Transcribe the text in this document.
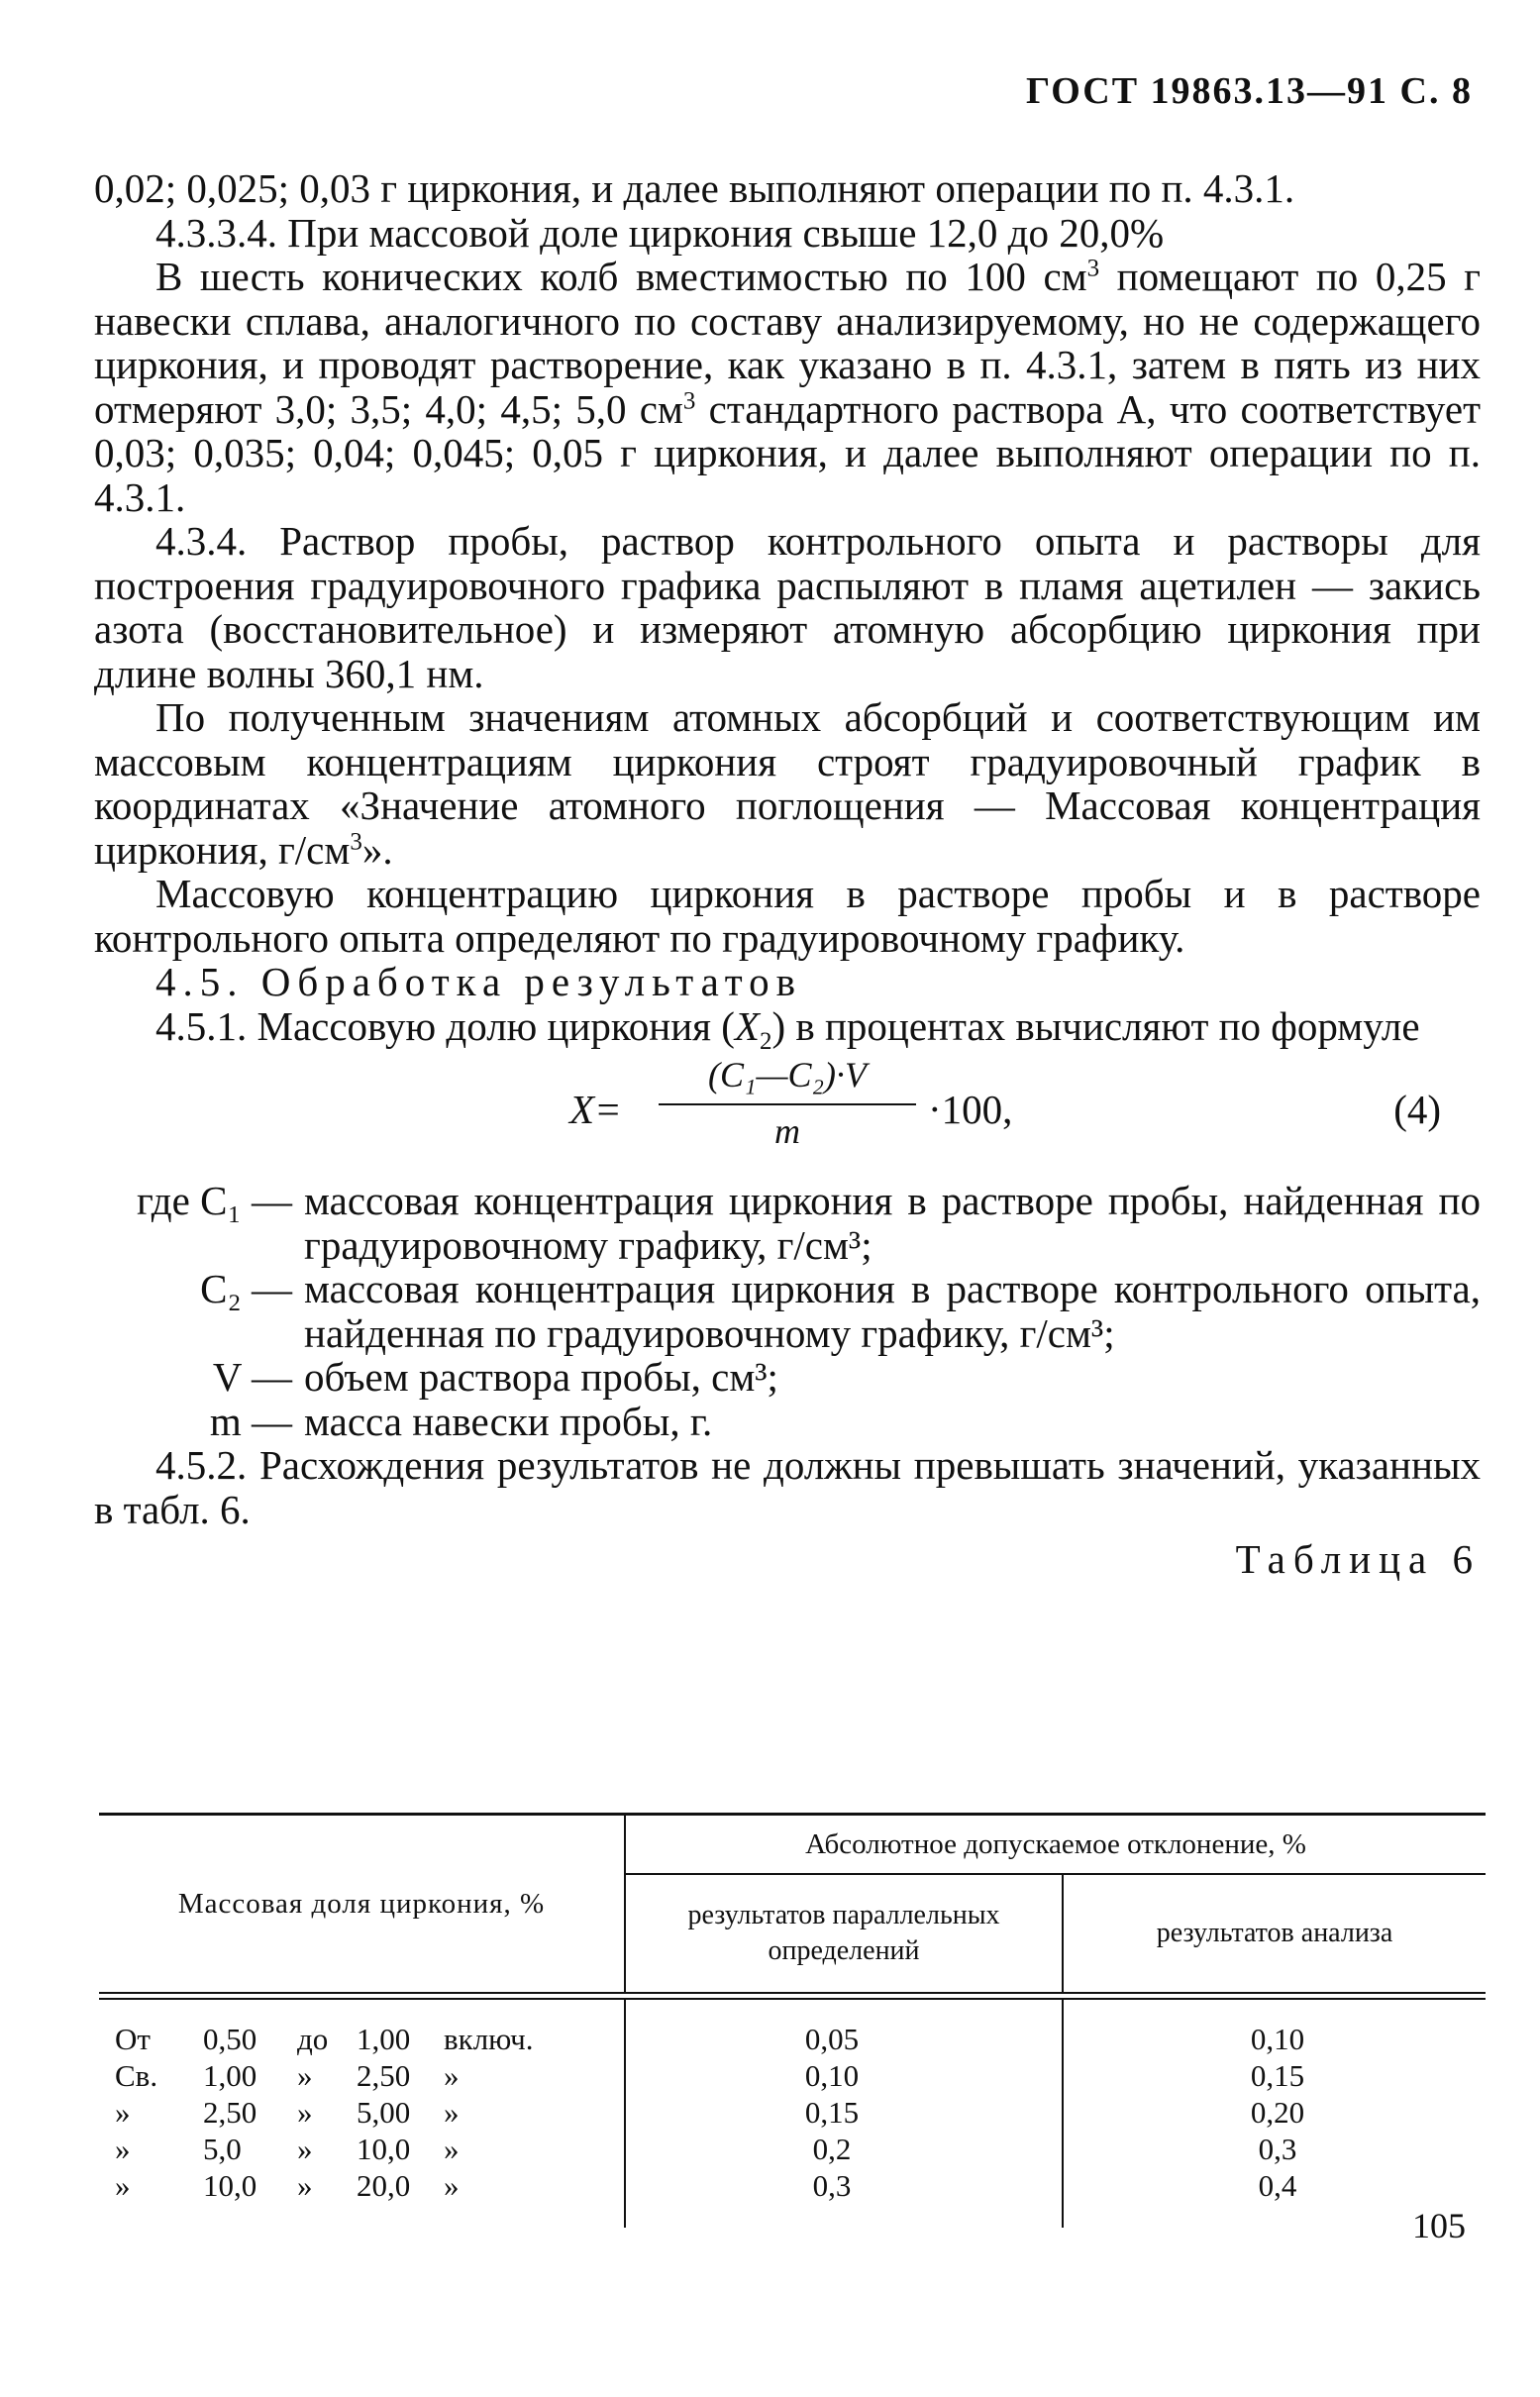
ГОСТ 19863.13—91 С. 8

0,02; 0,025; 0,03 г циркония, и далее выполняют операции по п. 4.3.1.

4.3.3.4. При массовой доле циркония свыше 12,0 до 20,0%

В шесть конических колб вместимостью по 100 $см^3$ помещают по 0,25 г навески сплава, аналогичного по составу анализируемому, но не содержащего циркония, и проводят растворение, как указано в п. 4.3.1, затем в пять из них отмеряют 3,0; 3,5; 4,0; 4,5; 5,0 $см^3$ стандартного раствора А, что соответствует 0,03; 0,035; 0,04; 0,045; 0,05 г циркония, и далее выполняют операции по п. 4.3.1.

4.3.4. Раствор пробы, раствор контрольного опыта и растворы для построения градуировочного графика распыляют в пламя ацетилен — закись азота (восстановительное) и измеряют атомную абсорбцию циркония при длине волны 360,1 нм.

По полученным значениям атомных абсорбций и соответствующим им массовым концентрациям циркония строят градуировочный график в координатах «Значение атомного поглощения — Массовая концентрация циркония, $г/см^3$».

Массовую концентрацию циркония в растворе пробы и в растворе контрольного опыта определяют по градуировочному графику.

4.5. Обработка результатов

4.5.1. Массовую долю циркония $(X_2)$ в процентах вычисляют по формуле

X=
(C₁—C₂)·V
m	·100,	(4)
где C₁ — массовая концентрация циркония в растворе пробы, найденная по градуировочному графику, г/см³;
C₂ — массовая концентрация циркония в растворе контрольного опыта, найденная по градуировочному графику, г/см³;
V — объем раствора пробы, см³;
m — масса навески пробы, г.

4.5.2. Расхождения результатов не должны превышать значений, указанных в табл. 6.

Таблица 6
Массовая доля циркония, %
Абсолютное допускаемое отклонение, %
результатов параллельных определений
результатов анализа
От 0,50 до 1,00 включ.	0,05	0,10
Св. 1,00 » 2,50 »	0,10	0,15
» 2,50 » 5,00 »	0,15	0,20
» 5,0 » 10,0 »	0,2	0,3
» 10,0 » 20,0 »	0,3	0,4
105
